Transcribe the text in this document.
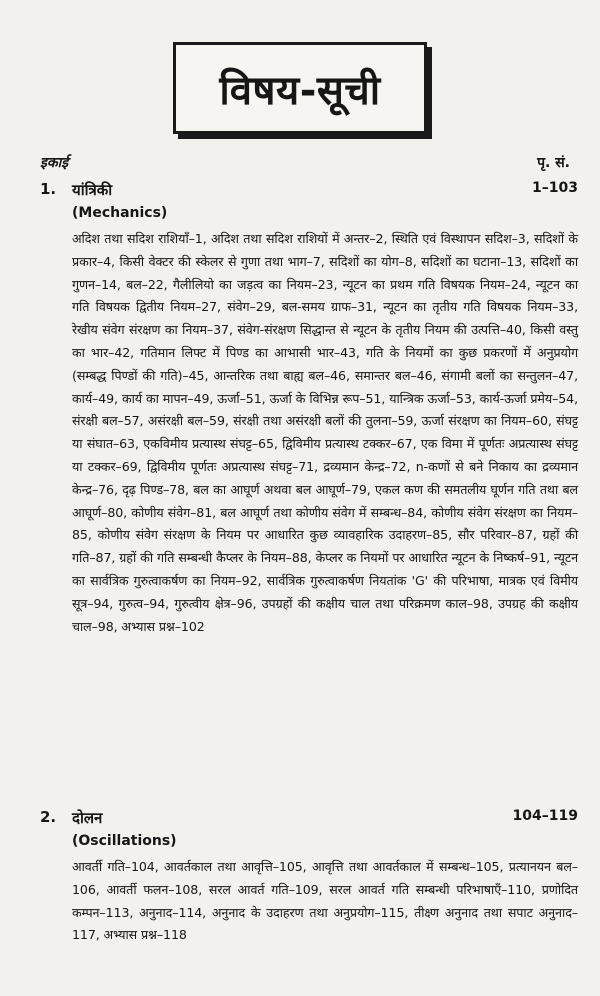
विषय-सूची
इकाई	पृ. सं.
1.	यांत्रिकी	1–103
(Mechanics)
अदिश तथा सदिश राशियाँ–1, अदिश तथा सदिश राशियों में अन्तर–2, स्थिति एवं विस्थापन सदिश–3, सदिशों के प्रकार–4, किसी वेक्टर की स्केलर से गुणा तथा भाग–7, सदिशों का योग–8, सदिशों का घटाना–13, सदिशों का गुणन–14, बल–22, गैलीलियो का जड़त्व का नियम–23, न्यूटन का प्रथम गति विषयक नियम–24, न्यूटन का गति विषयक द्वितीय नियम–27, संवेग–29, बल-समय ग्राफ–31, न्यूटन का तृतीय गति विषयक नियम–33, रेखीय संवेग संरक्षण का नियम–37, संवेग-संरक्षण सिद्धान्त से न्यूटन के तृतीय नियम की उत्पत्ति–40, किसी वस्तु का भार–42, गतिमान लिफ्ट में पिण्ड का आभासी भार–43, गति के नियमों का कुछ प्रकरणों में अनुप्रयोग (सम्बद्ध पिण्डों की गति)–45, आन्तरिक तथा बाह्य बल–46, समान्तर बल–46, संगामी बलों का सन्तुलन–47, कार्य–49, कार्य का मापन–49, ऊर्जा–51, ऊर्जा के विभिन्न रूप–51, यान्त्रिक ऊर्जा–53, कार्य-ऊर्जा प्रमेय–54, संरक्षी बल–57, असंरक्षी बल–59, संरक्षी तथा असंरक्षी बलों की तुलना–59, ऊर्जा संरक्षण का नियम–60, संघट्ट या संघात–63, एकविमीय प्रत्यास्थ संघट्ट–65, द्विविमीय प्रत्यास्थ टक्कर–67, एक विमा में पूर्णतः अप्रत्यास्थ संघट्ट या टक्कर–69, द्विविमीय पूर्णतः अप्रत्यास्थ संघट्ट–71, द्रव्यमान केन्द्र–72, n-कणों से बने निकाय का द्रव्यमान केन्द्र–76, दृढ़ पिण्ड–78, बल का आघूर्ण अथवा बल आघूर्ण–79, एकल कण की समतलीय घूर्णन गति तथा बल आघूर्ण–80, कोणीय संवेग–81, बल आघूर्ण तथा कोणीय संवेग में सम्बन्ध–84, कोणीय संवेग संरक्षण का नियम–85, कोणीय संवेग संरक्षण के नियम पर आधारित कुछ व्यावहारिक उदाहरण–85, सौर परिवार–87, ग्रहों की गति–87, ग्रहों की गति सम्बन्धी कैप्लर के नियम–88, केप्लर क नियमों पर आधारित न्यूटन के निष्कर्ष–91, न्यूटन का सार्वत्रिक गुरुत्वाकर्षण का नियम–92, सार्वत्रिक गुरुत्वाकर्षण नियतांक 'G' की परिभाषा, मात्रक एवं विमीय सूत्र–94, गुरुत्व–94, गुरुत्वीय क्षेत्र–96, उपग्रहों की कक्षीय चाल तथा परिक्रमण काल–98, उपग्रह की कक्षीय चाल–98, अभ्यास प्रश्न–102
2.	दोलन	104–119
(Oscillations)
आवर्ती गति–104, आवर्तकाल तथा आवृत्ति–105, आवृत्ति तथा आवर्तकाल में सम्बन्ध–105, प्रत्यानयन बल–106, आवर्ती फलन–108, सरल आवर्त गति–109, सरल आवर्त गति सम्बन्धी परिभाषाएँ–110, प्रणोदित कम्पन–113, अनुनाद–114, अनुनाद के उदाहरण तथा अनुप्रयोग–115, तीक्ष्ण अनुनाद तथा सपाट अनुनाद–117, अभ्यास प्रश्न–118
